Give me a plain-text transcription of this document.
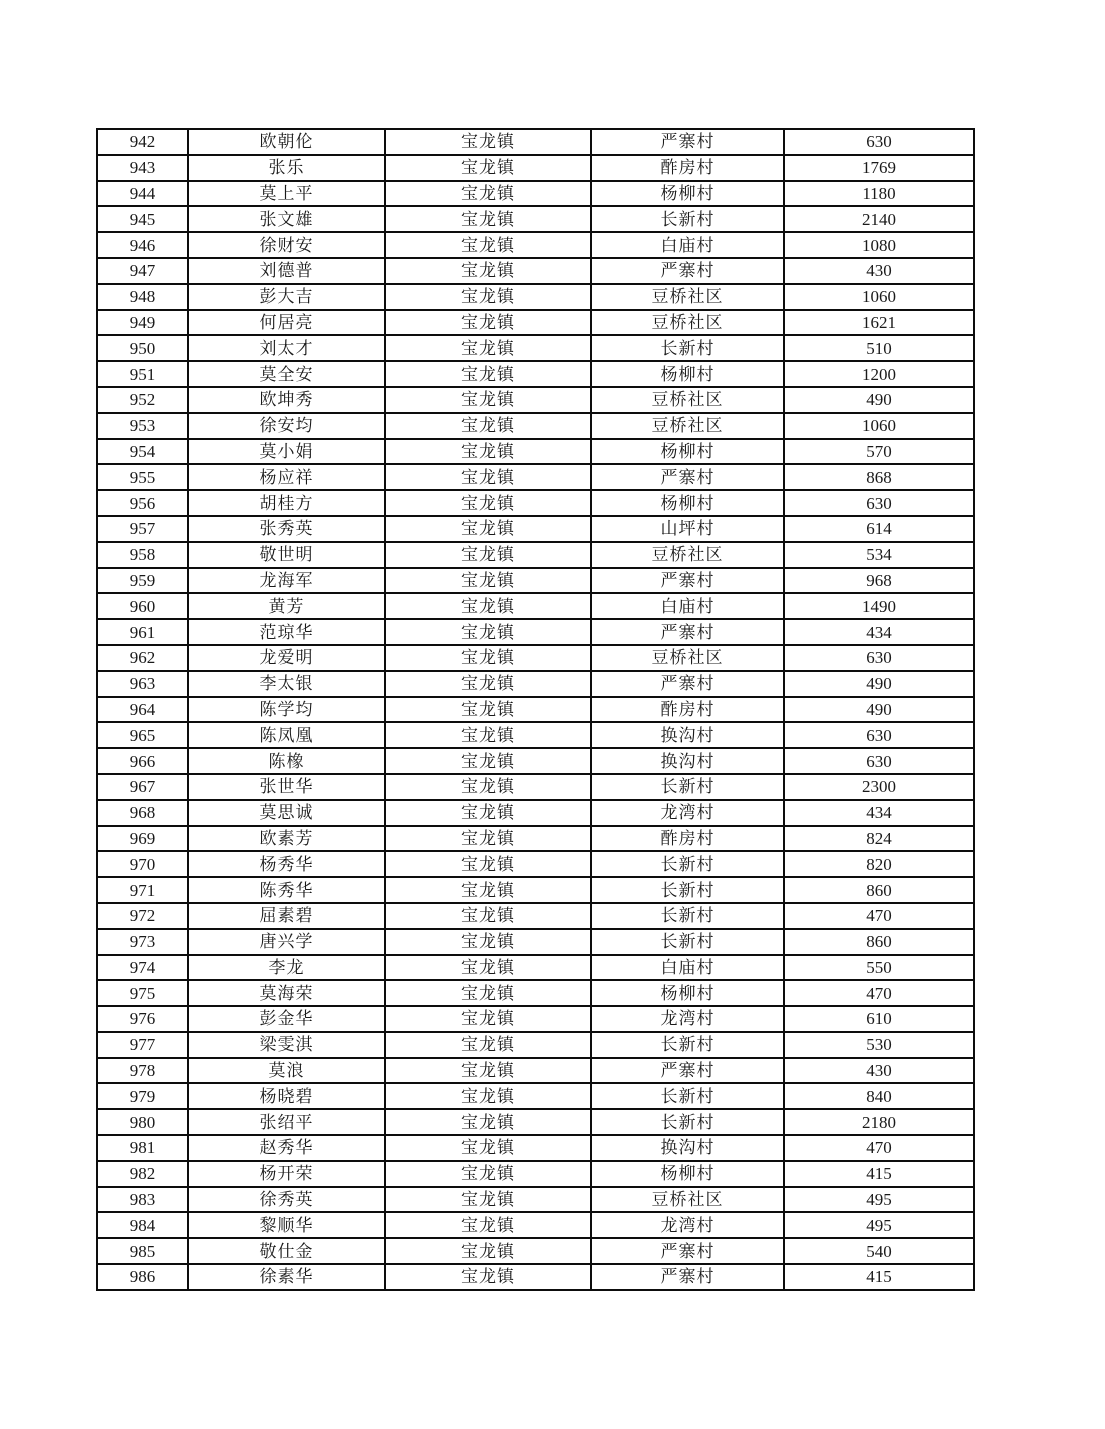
942	欧朝伦	宝龙镇	严寨村	630
943	张乐	宝龙镇	酢房村	1769
944	莫上平	宝龙镇	杨柳村	1180
945	张文雄	宝龙镇	长新村	2140
946	徐财安	宝龙镇	白庙村	1080
947	刘德普	宝龙镇	严寨村	430
948	彭大吉	宝龙镇	豆桥社区	1060
949	何居亮	宝龙镇	豆桥社区	1621
950	刘太才	宝龙镇	长新村	510
951	莫全安	宝龙镇	杨柳村	1200
952	欧坤秀	宝龙镇	豆桥社区	490
953	徐安均	宝龙镇	豆桥社区	1060
954	莫小娟	宝龙镇	杨柳村	570
955	杨应祥	宝龙镇	严寨村	868
956	胡桂方	宝龙镇	杨柳村	630
957	张秀英	宝龙镇	山坪村	614
958	敬世明	宝龙镇	豆桥社区	534
959	龙海军	宝龙镇	严寨村	968
960	黄芳	宝龙镇	白庙村	1490
961	范琼华	宝龙镇	严寨村	434
962	龙爱明	宝龙镇	豆桥社区	630
963	李太银	宝龙镇	严寨村	490
964	陈学均	宝龙镇	酢房村	490
965	陈凤凰	宝龙镇	换沟村	630
966	陈橡	宝龙镇	换沟村	630
967	张世华	宝龙镇	长新村	2300
968	莫思诚	宝龙镇	龙湾村	434
969	欧素芳	宝龙镇	酢房村	824
970	杨秀华	宝龙镇	长新村	820
971	陈秀华	宝龙镇	长新村	860
972	屈素碧	宝龙镇	长新村	470
973	唐兴学	宝龙镇	长新村	860
974	李龙	宝龙镇	白庙村	550
975	莫海荣	宝龙镇	杨柳村	470
976	彭金华	宝龙镇	龙湾村	610
977	梁雯淇	宝龙镇	长新村	530
978	莫浪	宝龙镇	严寨村	430
979	杨晓碧	宝龙镇	长新村	840
980	张绍平	宝龙镇	长新村	2180
981	赵秀华	宝龙镇	换沟村	470
982	杨开荣	宝龙镇	杨柳村	415
983	徐秀英	宝龙镇	豆桥社区	495
984	黎顺华	宝龙镇	龙湾村	495
985	敬仕金	宝龙镇	严寨村	540
986	徐素华	宝龙镇	严寨村	415
